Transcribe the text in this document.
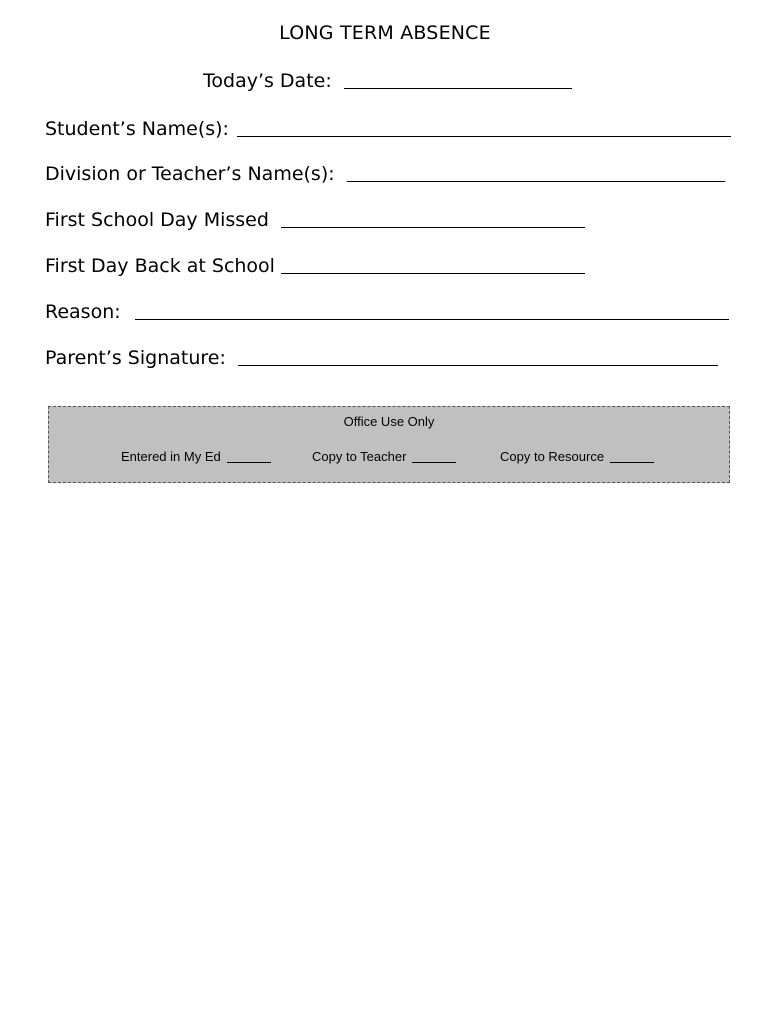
LONG TERM ABSENCE
Today’s Date:
Student’s Name(s):
Division or Teacher’s Name(s):
First School Day Missed
First Day Back at School
Reason:
Parent’s Signature:
Office Use Only
Entered in My Ed	Copy to Teacher	Copy to Resource
